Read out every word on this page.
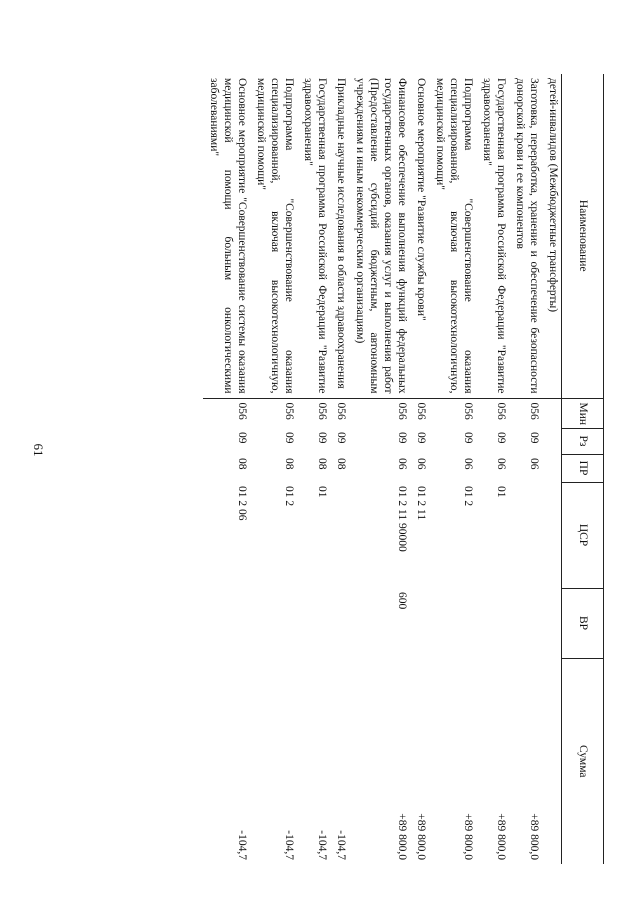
61
Наименование	Мин	Рз	ПР	ЦСР	ВР	Сумма
детей-инвалидов (Межбюджетные трансферты)						
Заготовка, переработка, хранение и обеспечение безопасности донорской крови и ее компонентов	056	09	06			+89 800,0
Государственная программа Российской Федерации "Развитие здравоохранения"	056	09	06	01		+89 800,0
Подпрограмма "Совершенствование оказания специализированной, включая высокотехнологичную, медицинской помощи"	056	09	06	01 2		+89 800,0
Основное мероприятие "Развитие службы крови"	056	09	06	01 2 11		+89 800,0
Финансовое обеспечение выполнения функций федеральных государственных органов, оказания услуг и выполнения работ (Предоставление субсидий бюджетным, автономным учреждениям и иным некоммерческим организациям)	056	09	06	01 2 11 90000	600	+89 800,0
Прикладные научные исследования в области здравоохранения	056	09	08			-104,7
Государственная программа Российской Федерации "Развитие здравоохранения"	056	09	08	01		-104,7
Подпрограмма "Совершенствование оказания специализированной, включая высокотехнологичную, медицинской помощи"	056	09	08	01 2		-104,7
Основное мероприятие "Совершенствование системы оказания медицинской помощи больным онкологическими заболеваниями"	056	09	08	01 2 06		-104,7
